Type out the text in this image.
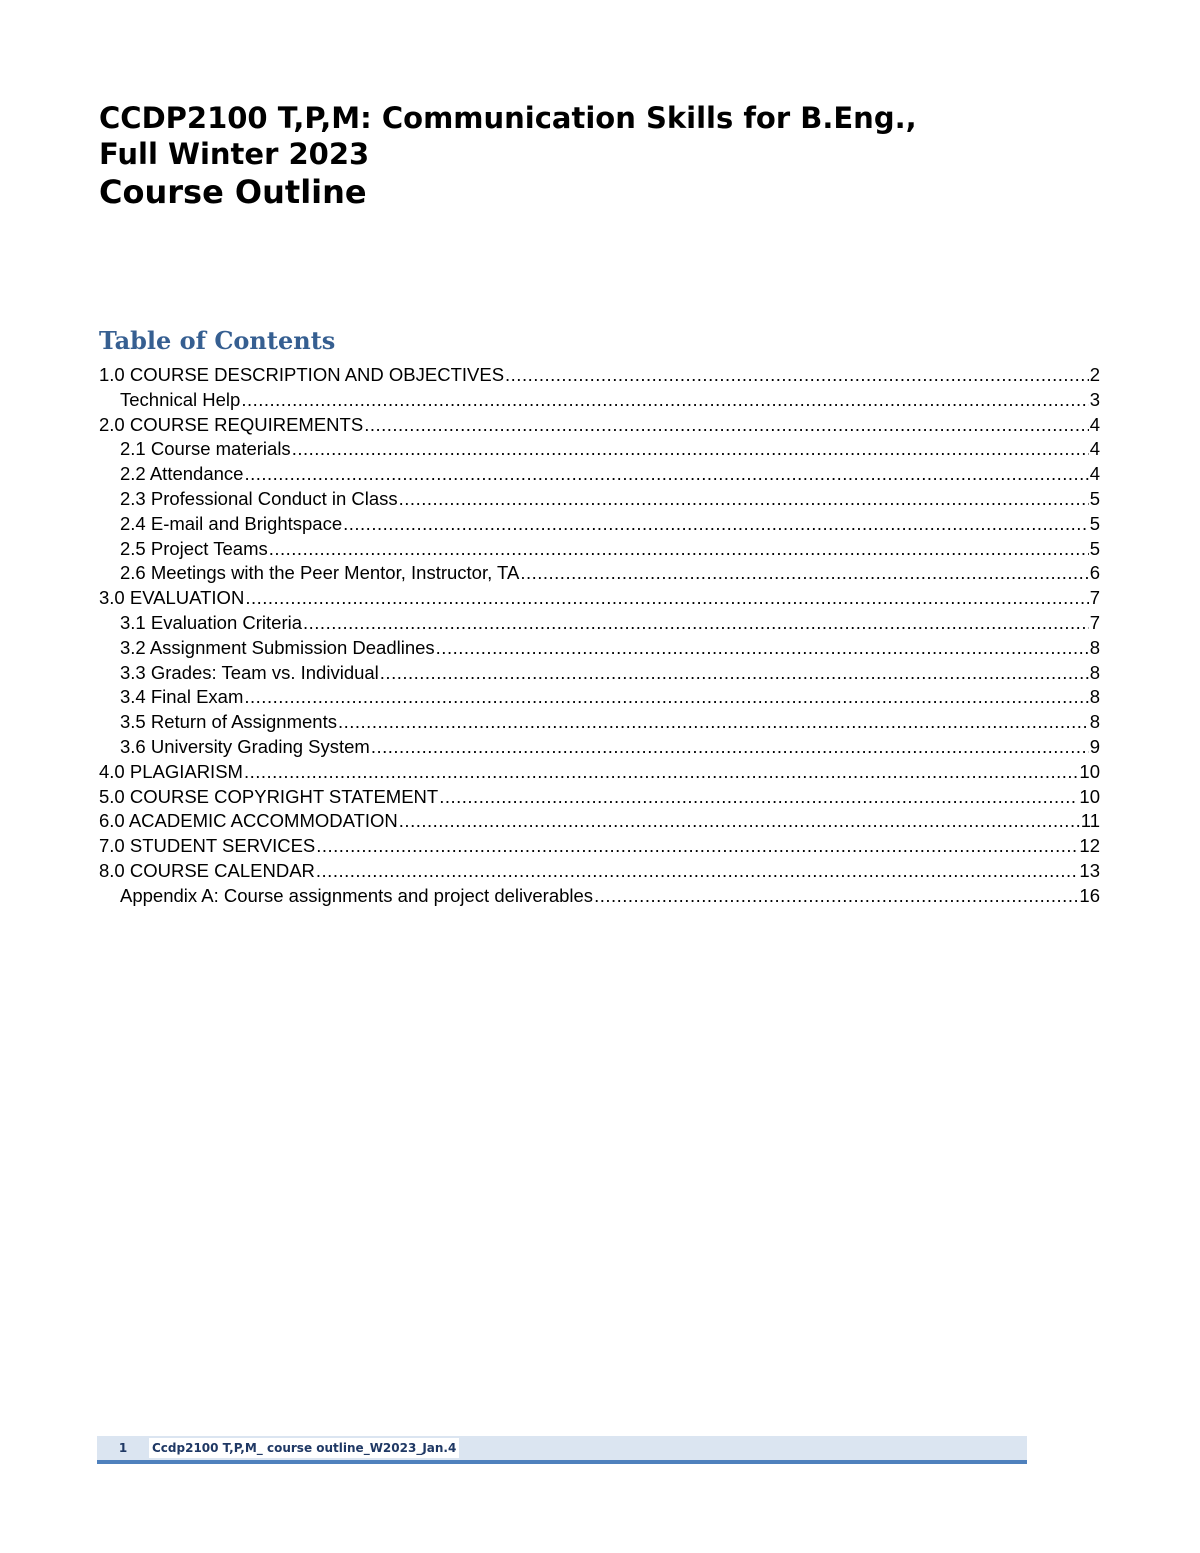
CCDP2100 T,P,M: Communication Skills for B.Eng.,
Full Winter 2023
Course Outline
Table of Contents
1.0 COURSE DESCRIPTION AND OBJECTIVES .....	2
Technical Help .....	3
2.0 COURSE REQUIREMENTS .....	4
2.1 Course materials .....	4
2.2 Attendance .....	4
2.3 Professional Conduct in Class .....	5
2.4 E-mail and Brightspace .....	5
2.5 Project Teams .....	5
2.6 Meetings with the Peer Mentor, Instructor, TA .....	6
3.0 EVALUATION .....	7
3.1 Evaluation Criteria .....	7
3.2 Assignment Submission Deadlines .....	8
3.3 Grades: Team vs. Individual .....	8
3.4 Final Exam .....	8
3.5 Return of Assignments .....	8
3.6 University Grading System .....	9
4.0 PLAGIARISM .....	10
5.0 COURSE COPYRIGHT STATEMENT .....	10
6.0 ACADEMIC ACCOMMODATION .....	11
7.0 STUDENT SERVICES .....	12
8.0 COURSE CALENDAR .....	13
Appendix A: Course assignments and project deliverables .....	16
1	Ccdp2100 T,P,M_ course outline_W2023_Jan.4
